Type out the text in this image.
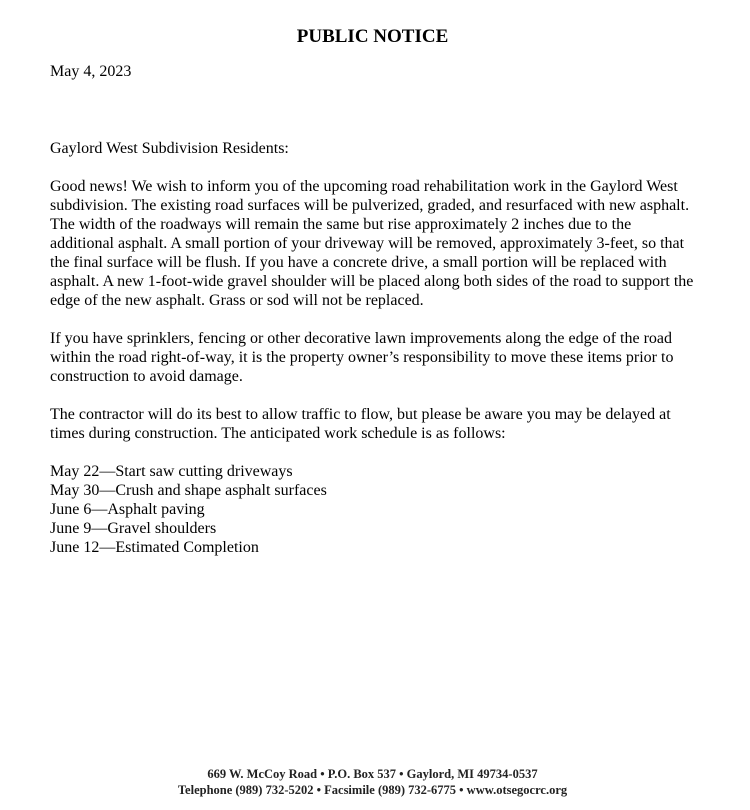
PUBLIC NOTICE
May 4, 2023

Gaylord West Subdivision Residents:

Good news! We wish to inform you of the upcoming road rehabilitation work in the Gaylord West subdivision. The existing road surfaces will be pulverized, graded, and resurfaced with new asphalt. The width of the roadways will remain the same but rise approximately 2 inches due to the additional asphalt. A small portion of your driveway will be removed, approximately 3-feet, so that the final surface will be flush. If you have a concrete drive, a small portion will be replaced with asphalt. A new 1-foot-wide gravel shoulder will be placed along both sides of the road to support the edge of the new asphalt. Grass or sod will not be replaced.

If you have sprinklers, fencing or other decorative lawn improvements along the edge of the road within the road right-of-way, it is the property owner’s responsibility to move these items prior to construction to avoid damage.

The contractor will do its best to allow traffic to flow, but please be aware you may be delayed at times during construction. The anticipated work schedule is as follows:

May 22—Start saw cutting driveways
May 30—Crush and shape asphalt surfaces
June 6—Asphalt paving
June 9—Gravel shoulders
June 12—Estimated Completion
669 W. McCoy Road • P.O. Box 537 • Gaylord, MI 49734-0537
Telephone (989) 732-5202 • Facsimile (989) 732-6775 • www.otsegocrc.org
